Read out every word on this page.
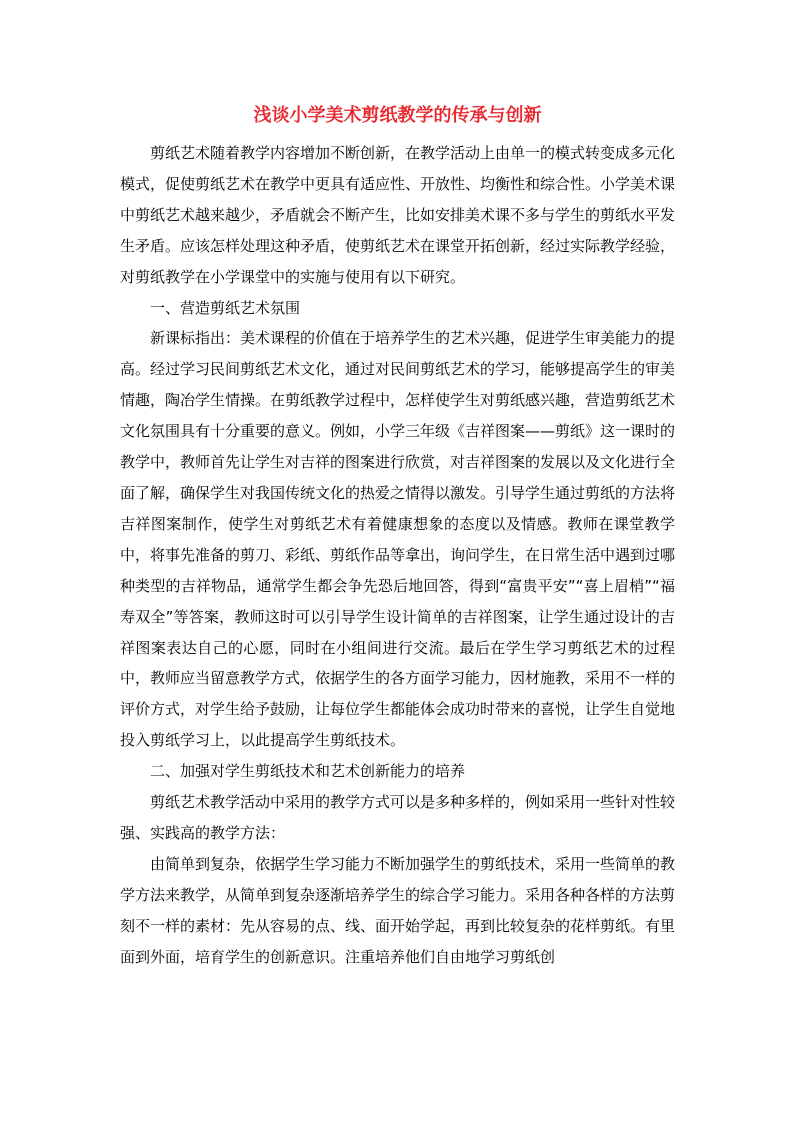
浅谈小学美术剪纸教学的传承与创新

剪纸艺术随着教学内容增加不断创新，在教学活动上由单一的模式转变成多元化模式，促使剪纸艺术在教学中更具有适应性、开放性、均衡性和综合性。小学美术课中剪纸艺术越来越少，矛盾就会不断产生，比如安排美术课不多与学生的剪纸水平发生矛盾。应该怎样处理这种矛盾，使剪纸艺术在课堂开拓创新，经过实际教学经验，对剪纸教学在小学课堂中的实施与使用有以下研究。

一、营造剪纸艺术氛围

新课标指出：美术课程的价值在于培养学生的艺术兴趣，促进学生审美能力的提高。经过学习民间剪纸艺术文化，通过对民间剪纸艺术的学习，能够提高学生的审美情趣，陶冶学生情操。在剪纸教学过程中，怎样使学生对剪纸感兴趣，营造剪纸艺术文化氛围具有十分重要的意义。例如，小学三年级《吉祥图案——剪纸》这一课时的教学中，教师首先让学生对吉祥的图案进行欣赏，对吉祥图案的发展以及文化进行全面了解，确保学生对我国传统文化的热爱之情得以激发。引导学生通过剪纸的方法将吉祥图案制作，使学生对剪纸艺术有着健康想象的态度以及情感。教师在课堂教学中，将事先准备的剪刀、彩纸、剪纸作品等拿出，询问学生，在日常生活中遇到过哪种类型的吉祥物品，通常学生都会争先恐后地回答，得到“富贵平安”“喜上眉梢”“福寿双全”等答案，教师这时可以引导学生设计简单的吉祥图案，让学生通过设计的吉祥图案表达自己的心愿，同时在小组间进行交流。最后在学生学习剪纸艺术的过程中，教师应当留意教学方式，依据学生的各方面学习能力，因材施教，采用不一样的评价方式，对学生给予鼓励，让每位学生都能体会成功时带来的喜悦，让学生自觉地投入剪纸学习上，以此提高学生剪纸技术。

二、加强对学生剪纸技术和艺术创新能力的培养

剪纸艺术教学活动中采用的教学方式可以是多种多样的，例如采用一些针对性较强、实践高的教学方法：

由简单到复杂，依据学生学习能力不断加强学生的剪纸技术，采用一些简单的教学方法来教学，从简单到复杂逐渐培养学生的综合学习能力。采用各种各样的方法剪刻不一样的素材：先从容易的点、线、面开始学起，再到比较复杂的花样剪纸。有里面到外面，培育学生的创新意识。注重培养他们自由地学习剪纸创
